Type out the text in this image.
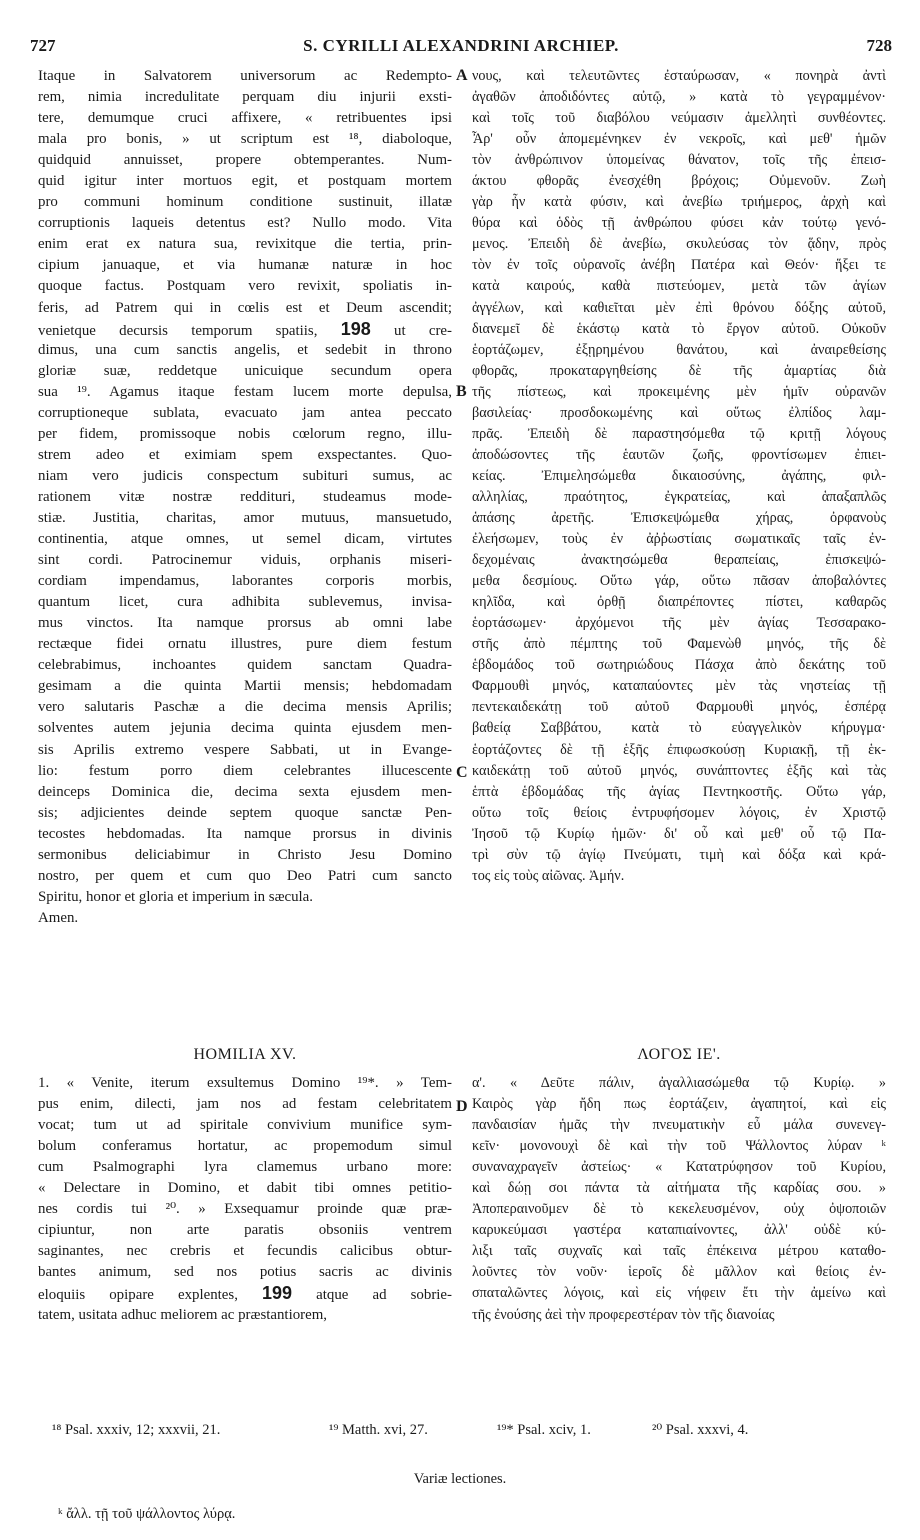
727	S. CYRILLI ALEXANDRINI ARCHIEP.	728
Itaque in Salvatorem universorum ac Redempto-
rem, nimia incredulitate perquam diu injurii exsti-
tere, demumque cruci affixere, « retribuentes ipsi
mala pro bonis, » ut scriptum est ¹⁸, diaboloque,
quidquid annuisset, propere obtemperantes. Num-
quid igitur inter mortuos egit, et postquam mortem
pro communi hominum conditione sustinuit, illatæ
corruptionis laqueis detentus est? Nullo modo. Vita
enim erat ex natura sua, revixitque die tertia, prin-
cipium januaque, et via humanæ naturæ in hoc
quoque factus. Postquam vero revixit, spoliatis in-
feris, ad Patrem qui in cœlis est et Deum ascendit;
venietque decursis temporum spatiis, 198 ut cre-
dimus, una cum sanctis angelis, et sedebit in throno
gloriæ suæ, reddetque unicuique secundum opera
sua ¹⁹. Agamus itaque festam lucem morte depulsa,
corruptioneque sublata, evacuato jam antea peccato
per fidem, promissoque nobis cœlorum regno, illu-
strem adeo et eximiam spem exspectantes. Quo-
niam vero judicis conspectum subituri sumus, ac
rationem vitæ nostræ reddituri, studeamus mode-
stiæ. Justitia, charitas, amor mutuus, mansuetudo,
continentia, atque omnes, ut semel dicam, virtutes
sint cordi. Patrocinemur viduis, orphanis miseri-
cordiam impendamus, laborantes corporis morbis,
quantum licet, cura adhibita sublevemus, invisa-
mus vinctos. Ita namque prorsus ab omni labe
rectæque fidei ornatu illustres, pure diem festum
celebrabimus, inchoantes quidem sanctam Quadra-
gesimam a die quinta Martii mensis; hebdomadam
vero salutaris Paschæ a die decima mensis Aprilis;
solventes autem jejunia decima quinta ejusdem men-
sis Aprilis extremo vespere Sabbati, ut in Evange-
lio: festum porro diem celebrantes illucescente
deinceps Dominica die, decima sexta ejusdem men-
sis; adjicientes deinde septem quoque sanctæ Pen-
tecostes hebdomadas. Ita namque prorsus in divinis
sermonibus deliciabimur in Christo Jesu Domino
nostro, per quem et cum quo Deo Patri cum sancto
Spiritu, honor et gloria et imperium in sæcula.
Amen.
νους, καὶ τελευτῶντες ἐσταύρωσαν, « πονηρὰ ἀντὶ
ἀγαθῶν ἀποδιδόντες αὐτῷ, » κατὰ τὸ γεγραμμένον·
καὶ τοῖς τοῦ διαβόλου νεύμασιν ἀμελλητὶ συνθέοντες.
Ἆρ' οὖν ἀπομεμένηκεν ἐν νεκροῖς, καὶ μεθ' ἡμῶν
τὸν ἀνθρώπινον ὑπομείνας θάνατον, τοῖς τῆς ἐπεισ-
άκτου φθορᾶς ἐνεσχέθη βρόχοις; Οὐμενοῦν. Ζωὴ
γὰρ ἦν κατὰ φύσιν, καὶ ἀνεβίω τριήμερος, ἀρχὴ καὶ
θύρα καὶ ὁδὸς τῇ ἀνθρώπου φύσει κἀν τούτῳ γενό-
μενος. Ἐπειδὴ δὲ ἀνεβίω, σκυλεύσας τὸν ᾅδην, πρὸς
τὸν ἐν τοῖς οὐρανοῖς ἀνέβη Πατέρα καὶ Θεόν· ἥξει τε
κατὰ καιρούς, καθὰ πιστεύομεν, μετὰ τῶν ἁγίων
ἀγγέλων, καὶ καθιεῖται μὲν ἐπὶ θρόνου δόξης αὐτοῦ,
διανεμεῖ δὲ ἑκάστῳ κατὰ τὸ ἔργον αὐτοῦ. Οὐκοῦν
ἑορτάζωμεν, ἐξῃρημένου θανάτου, καὶ ἀναιρεθείσης
φθορᾶς, προκαταργηθείσης δὲ τῆς ἁμαρτίας διὰ
τῆς πίστεως, καὶ προκειμένης μὲν ἡμῖν οὐρανῶν
βασιλείας· προσδοκωμένης καὶ οὕτως ἐλπίδος λαμ-
πρᾶς. Ἐπειδὴ δὲ παραστησόμεθα τῷ κριτῇ λόγους
ἀποδώσοντες τῆς ἑαυτῶν ζωῆς, φροντίσωμεν ἐπιει-
κείας. Ἐπιμελησώμεθα δικαιοσύνης, ἀγάπης, φιλ-
αλληλίας, πραότητος, ἐγκρατείας, καὶ ἁπαξαπλῶς
ἁπάσης ἀρετῆς. Ἐπισκεψώμεθα χήρας, ὀρφανοὺς
ἐλεήσωμεν, τοὺς ἐν ἀῤῥωστίαις σωματικαῖς ταῖς ἐν-
δεχομέναις ἀνακτησώμεθα θεραπείαις, ἐπισκεψώ-
μεθα δεσμίους. Οὕτω γάρ, οὕτω πᾶσαν ἀποβαλόντες
κηλῖδα, καὶ ὀρθῇ διαπρέποντες πίστει, καθαρῶς
ἑορτάσωμεν· ἀρχόμενοι τῆς μὲν ἁγίας Τεσσαρακο-
στῆς ἀπὸ πέμπτης τοῦ Φαμενὼθ μηνός, τῆς δὲ
ἑβδομάδος τοῦ σωτηριώδους Πάσχα ἀπὸ δεκάτης τοῦ
Φαρμουθὶ μηνός, καταπαύοντες μὲν τὰς νηστείας τῇ
πεντεκαιδεκάτῃ τοῦ αὐτοῦ Φαρμουθὶ μηνός, ἑσπέρᾳ
βαθείᾳ Σαββάτου, κατὰ τὸ εὐαγγελικὸν κήρυγμα·
ἑορτάζοντες δὲ τῇ ἑξῆς ἐπιφωσκούσῃ Κυριακῇ, τῇ ἑκ-
καιδεκάτῃ τοῦ αὐτοῦ μηνός, συνάπτοντες ἑξῆς καὶ τὰς
ἑπτὰ ἑβδομάδας τῆς ἁγίας Πεντηκοστῆς. Οὕτω γάρ,
οὕτω τοῖς θείοις ἐντρυφήσομεν λόγοις, ἐν Χριστῷ
Ἰησοῦ τῷ Κυρίῳ ἡμῶν· δι' οὗ καὶ μεθ' οὗ τῷ Πα-
τρὶ σὺν τῷ ἁγίῳ Πνεύματι, τιμὴ καὶ δόξα καὶ κρά-
τος εἰς τοὺς αἰῶνας. Ἀμήν.
A
B
C
D
HOMILIA XV.	ΛΟΓΟΣ ΙΕ'.
1. « Venite, iterum exsultemus Domino ¹⁹*. » Tem-
pus enim, dilecti, jam nos ad festam celebritatem
vocat; tum ut ad spiritale convivium munifice sym-
bolum conferamus hortatur, ac propemodum simul
cum Psalmographi lyra clamemus urbano more:
« Delectare in Domino, et dabit tibi omnes petitio-
nes cordis tui ²⁰. » Exsequamur proinde quæ præ-
cipiuntur, non arte paratis obsoniis ventrem
saginantes, nec crebris et fecundis calicibus obtur-
bantes animum, sed nos potius sacris ac divinis
eloquiis opipare explentes, 199 atque ad sobrie-
tatem, usitata adhuc meliorem ac præstantiorem,
α'. « Δεῦτε πάλιν, ἀγαλλιασώμεθα τῷ Κυρίῳ. »
Καιρὸς γὰρ ἤδη πως ἑορτάζειν, ἀγαπητοί, καὶ εἰς
πανδαισίαν ἡμᾶς τὴν πνευματικὴν εὖ μάλα συνενεγ-
κεῖν· μονονουχὶ δὲ καὶ τὴν τοῦ Ψάλλοντος λύραν ᵏ
συναναχραγεῖν ἀστείως· « Κατατρύφησον τοῦ Κυρίου,
καὶ δώῃ σοι πάντα τὰ αἰτήματα τῆς καρδίας σου. »
Ἀποπεραινοῦμεν δὲ τὸ κεκελευσμένον, οὐχ ὀψοποιῶν
καρυκεύμασι γαστέρα καταπιαίνοντες, ἀλλ' οὐδὲ κύ-
λιξι ταῖς συχναῖς καὶ ταῖς ἐπέκεινα μέτρου καταθο-
λοῦντες τὸν νοῦν· ἱεροῖς δὲ μᾶλλον καὶ θείοις ἐν-
σπαταλῶντες λόγοις, καὶ εἰς νήφειν ἔτι τὴν ἀμείνω καὶ
τῆς ἐνούσης ἀεὶ τὴν προφερεστέραν τὸν τῆς διανοίας
¹⁸ Psal. xxxiv, 12; xxxvii, 21.	¹⁹ Matth. xvi, 27.	¹⁹* Psal. xciv, 1.	²⁰ Psal. xxxvi, 4.
Variæ lectiones.
ᵏ ἄλλ. τῇ τοῦ ψάλλοντος λύρᾳ.
